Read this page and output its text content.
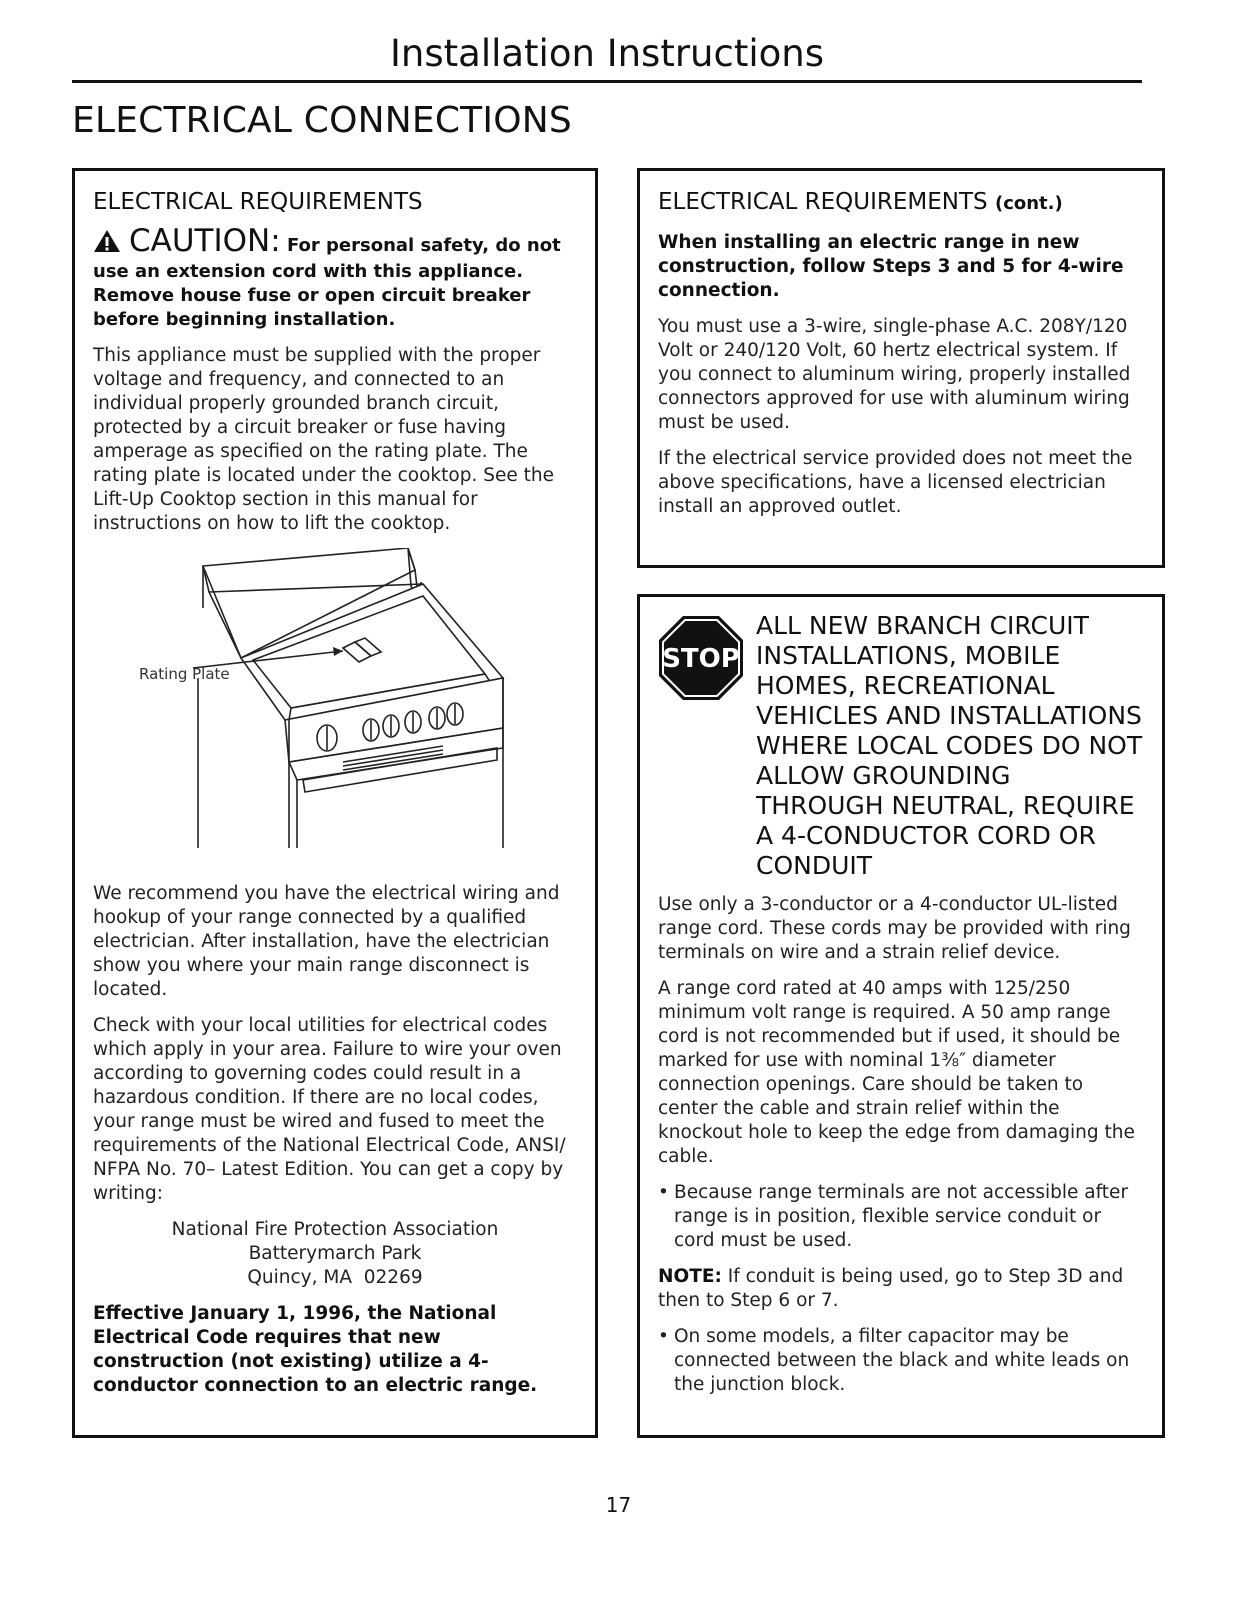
Installation Instructions
ELECTRICAL CONNECTIONS
ELECTRICAL REQUIREMENTS
CAUTION: For personal safety, do not use an extension cord with this appliance. Remove house fuse or open circuit breaker before beginning installation.

This appliance must be supplied with the proper voltage and frequency, and connected to an individual properly grounded branch circuit, protected by a circuit breaker or fuse having amperage as specified on the rating plate. The rating plate is located under the cooktop. See the Lift-Up Cooktop section in this manual for instructions on how to lift the cooktop.

Rating Plate

We recommend you have the electrical wiring and hookup of your range connected by a qualified electrician. After installation, have the electrician show you where your main range disconnect is located.

Check with your local utilities for electrical codes which apply in your area. Failure to wire your oven according to governing codes could result in a hazardous condition. If there are no local codes, your range must be wired and fused to meet the requirements of the National Electrical Code, ANSI/ NFPA No. 70– Latest Edition. You can get a copy by writing:

National Fire Protection Association
Batterymarch Park
Quincy, MA  02269

Effective January 1, 1996, the National Electrical Code requires that new construction (not existing) utilize a 4-conductor connection to an electric range.

ELECTRICAL REQUIREMENTS (cont.)

When installing an electric range in new construction, follow Steps 3 and 5 for 4-wire connection.

You must use a 3-wire, single-phase A.C. 208Y/120 Volt or 240/120 Volt, 60 hertz electrical system. If you connect to aluminum wiring, properly installed connectors approved for use with aluminum wiring must be used.

If the electrical service provided does not meet the above specifications, have a licensed electrician install an approved outlet.

STOP

ALL NEW BRANCH CIRCUIT INSTALLATIONS, MOBILE HOMES, RECREATIONAL VEHICLES AND INSTALLATIONS WHERE LOCAL CODES DO NOT ALLOW GROUNDING THROUGH NEUTRAL, REQUIRE A 4-CONDUCTOR CORD OR CONDUIT

Use only a 3-conductor or a 4-conductor UL-listed range cord. These cords may be provided with ring terminals on wire and a strain relief device.

A range cord rated at 40 amps with 125/250 minimum volt range is required. A 50 amp range cord is not recommended but if used, it should be marked for use with nominal 1⅜″ diameter connection openings. Care should be taken to center the cable and strain relief within the knockout hole to keep the edge from damaging the cable.

• Because range terminals are not accessible after range is in position, flexible service conduit or cord must be used.

NOTE: If conduit is being used, go to Step 3D and then to Step 6 or 7.

• On some models, a filter capacitor may be connected between the black and white leads on the junction block.
17
